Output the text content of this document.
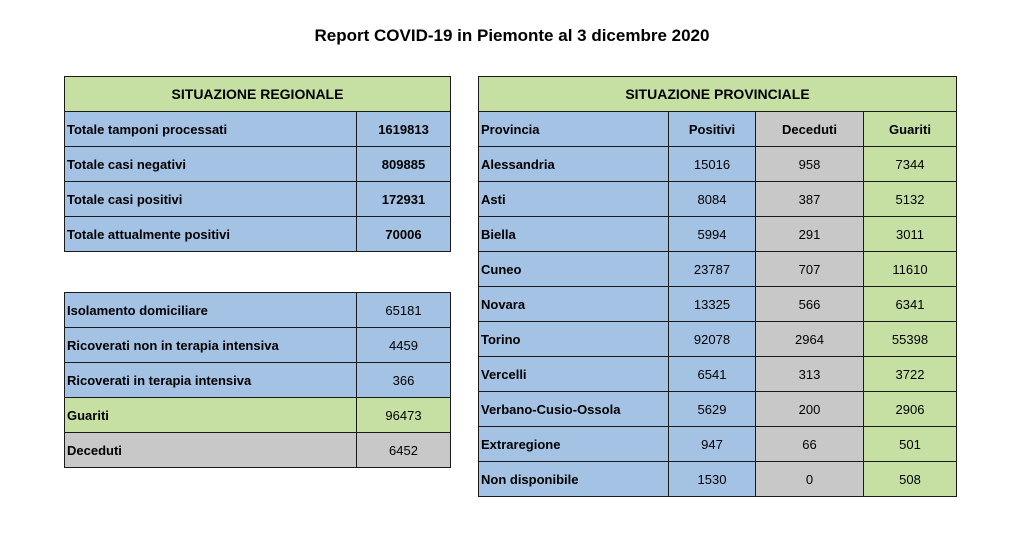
Report COVID-19 in Piemonte al 3 dicembre 2020
SITUAZIONE REGIONALE	
Totale tamponi processati	1619813
Totale casi negativi	809885
Totale casi positivi	172931
Totale attualmente positivi	70006
Isolamento domiciliare	65181
Ricoverati non in terapia intensiva	4459
Ricoverati in terapia intensiva	366
Guariti	96473
Deceduti	6452
SITUAZIONE PROVINCIALE			
Provincia	Positivi	Deceduti	Guariti
Alessandria	15016	958	7344
Asti	8084	387	5132
Biella	5994	291	3011
Cuneo	23787	707	11610
Novara	13325	566	6341
Torino	92078	2964	55398
Vercelli	6541	313	3722
Verbano-Cusio-Ossola	5629	200	2906
Extraregione	947	66	501
Non disponibile	1530	0	508
